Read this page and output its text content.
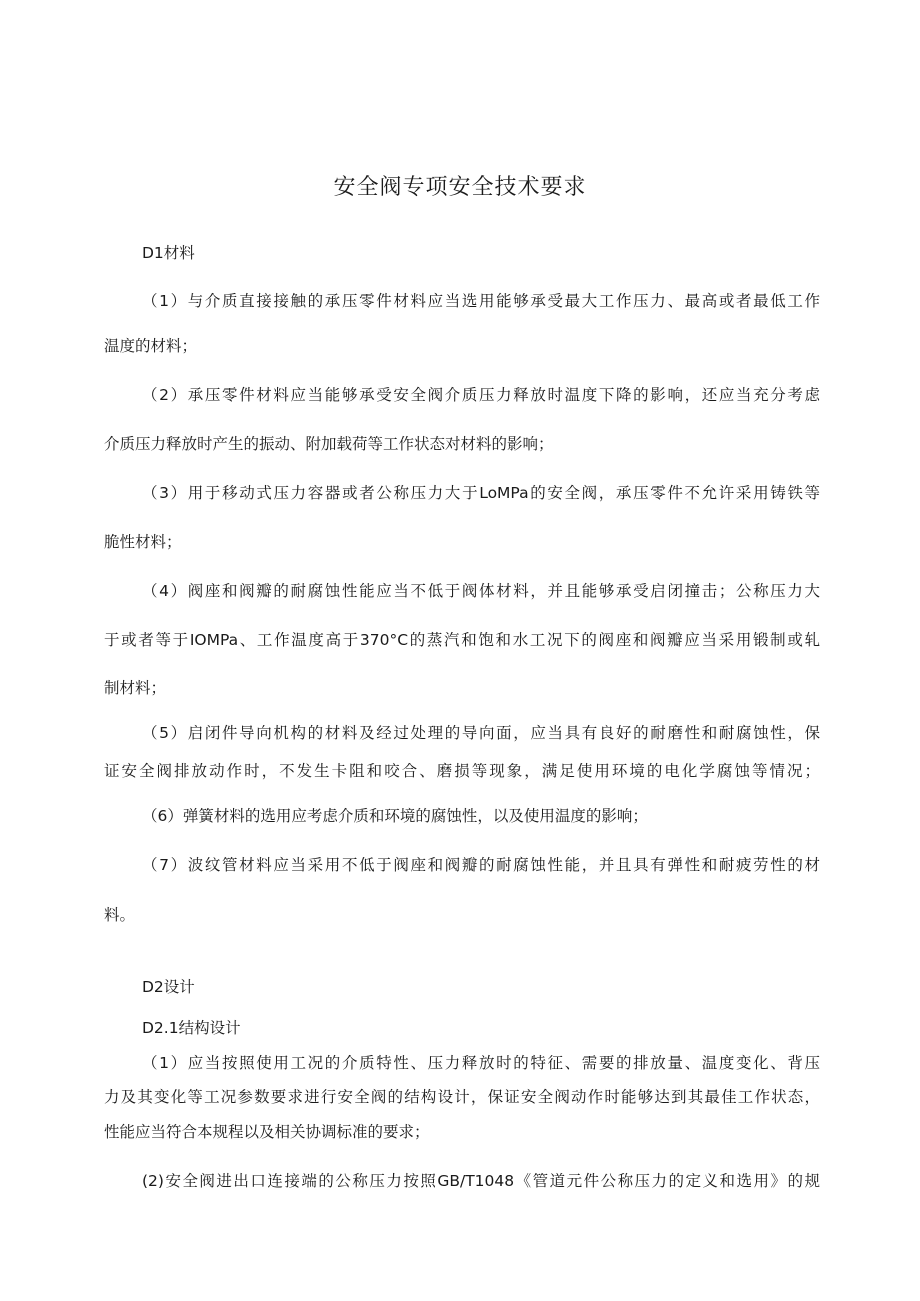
安全阀专项安全技术要求
D1材料
（1）与介质直接接触的承压零件材料应当选用能够承受最大工作压力、最高或者最低工作
温度的材料；
（2）承压零件材料应当能够承受安全阀介质压力释放时温度下降的影响，还应当充分考虑
介质压力释放时产生的振动、附加载荷等工作状态对材料的影响；
（3）用于移动式压力容器或者公称压力大于LoMPa的安全阀，承压零件不允许采用铸铁等
脆性材料；
（4）阀座和阀瓣的耐腐蚀性能应当不低于阀体材料，并且能够承受启闭撞击；公称压力大
于或者等于IOMPa、工作温度高于370°C的蒸汽和饱和水工况下的阀座和阀瓣应当采用锻制或轧
制材料；
（5）启闭件导向机构的材料及经过处理的导向面，应当具有良好的耐磨性和耐腐蚀性，保
证安全阀排放动作时，不发生卡阻和咬合、磨损等现象，满足使用环境的电化学腐蚀等情况；
（6）弹簧材料的选用应考虑介质和环境的腐蚀性，以及使用温度的影响；
（7）波纹管材料应当采用不低于阀座和阀瓣的耐腐蚀性能，并且具有弹性和耐疲劳性的材
料。
D2设计
D2.1结构设计
（1）应当按照使用工况的介质特性、压力释放时的特征、需要的排放量、温度变化、背压
力及其变化等工况参数要求进行安全阀的结构设计，保证安全阀动作时能够达到其最佳工作状态，
性能应当符合本规程以及相关协调标准的要求；
(2)安全阀进出口连接端的公称压力按照GB/T1048《管道元件公称压力的定义和选用》的规
